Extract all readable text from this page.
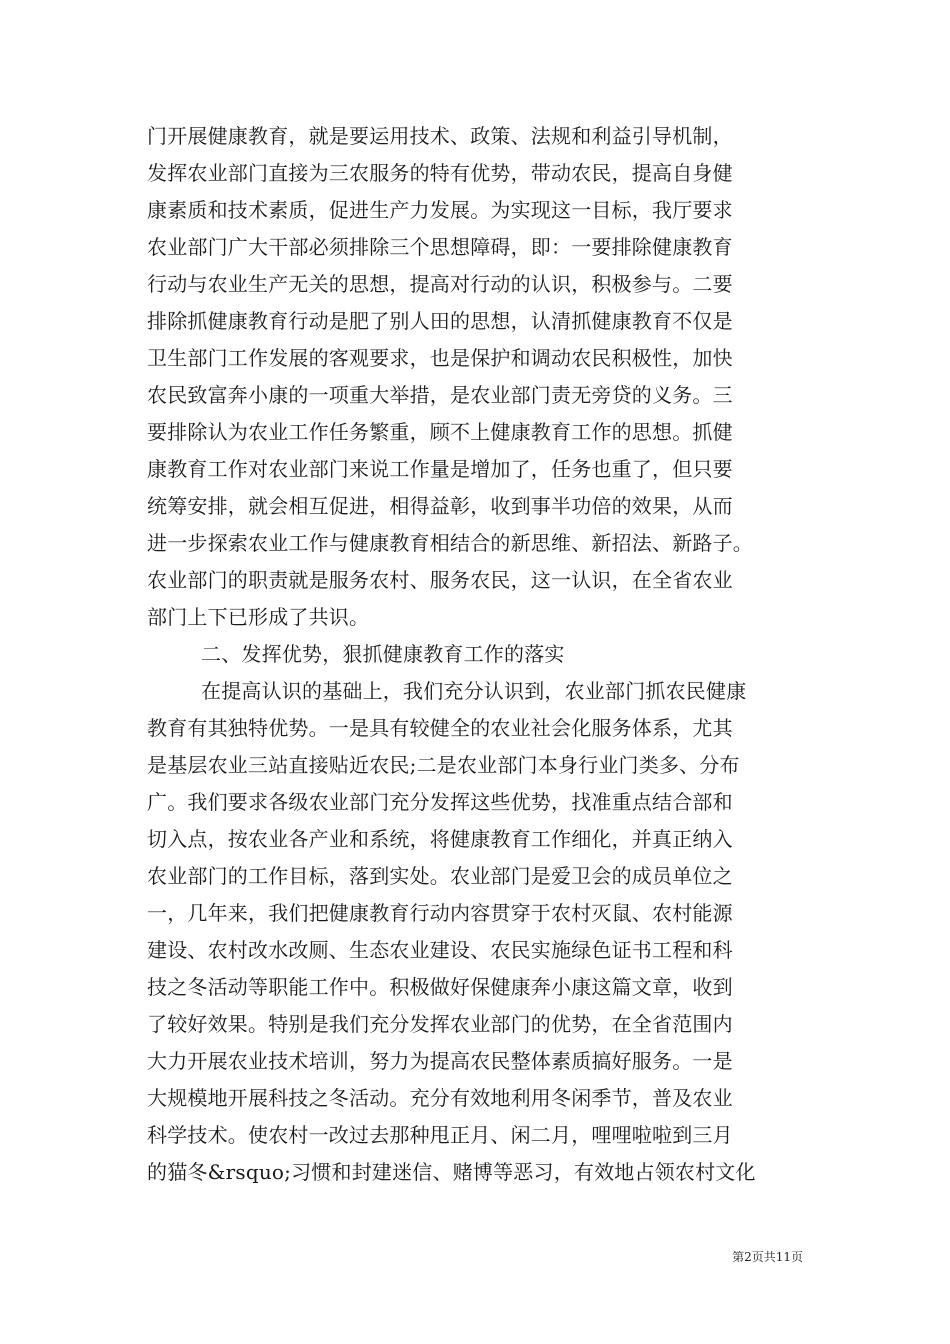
门开展健康教育，就是要运用技术、政策、法规和利益引导机制，
发挥农业部门直接为三农服务的特有优势，带动农民，提高自身健
康素质和技术素质，促进生产力发展。为实现这一目标，我厅要求
农业部门广大干部必须排除三个思想障碍，即：一要排除健康教育
行动与农业生产无关的思想，提高对行动的认识，积极参与。二要
排除抓健康教育行动是肥了别人田的思想，认清抓健康教育不仅是
卫生部门工作发展的客观要求，也是保护和调动农民积极性，加快
农民致富奔小康的一项重大举措，是农业部门责无旁贷的义务。三
要排除认为农业工作任务繁重，顾不上健康教育工作的思想。抓健
康教育工作对农业部门来说工作量是增加了，任务也重了，但只要
统筹安排，就会相互促进，相得益彰，收到事半功倍的效果，从而
进一步探索农业工作与健康教育相结合的新思维、新招法、新路子。
农业部门的职责就是服务农村、服务农民，这一认识，在全省农业
部门上下已形成了共识。
二、发挥优势，狠抓健康教育工作的落实
在提高认识的基础上，我们充分认识到，农业部门抓农民健康
教育有其独特优势。一是具有较健全的农业社会化服务体系，尤其
是基层农业三站直接贴近农民;二是农业部门本身行业门类多、分布
广。我们要求各级农业部门充分发挥这些优势，找准重点结合部和
切入点，按农业各产业和系统，将健康教育工作细化，并真正纳入
农业部门的工作目标，落到实处。农业部门是爱卫会的成员单位之
一，几年来，我们把健康教育行动内容贯穿于农村灭鼠、农村能源
建设、农村改水改厕、生态农业建设、农民实施绿色证书工程和科
技之冬活动等职能工作中。积极做好保健康奔小康这篇文章，收到
了较好效果。特别是我们充分发挥农业部门的优势，在全省范围内
大力开展农业技术培训，努力为提高农民整体素质搞好服务。一是
大规模地开展科技之冬活动。充分有效地利用冬闲季节，普及农业
科学技术。使农村一改过去那种甩正月、闲二月，哩哩啦啦到三月
的猫冬&rsquo;习惯和封建迷信、赌博等恶习，有效地占领农村文化
第2页共11页
